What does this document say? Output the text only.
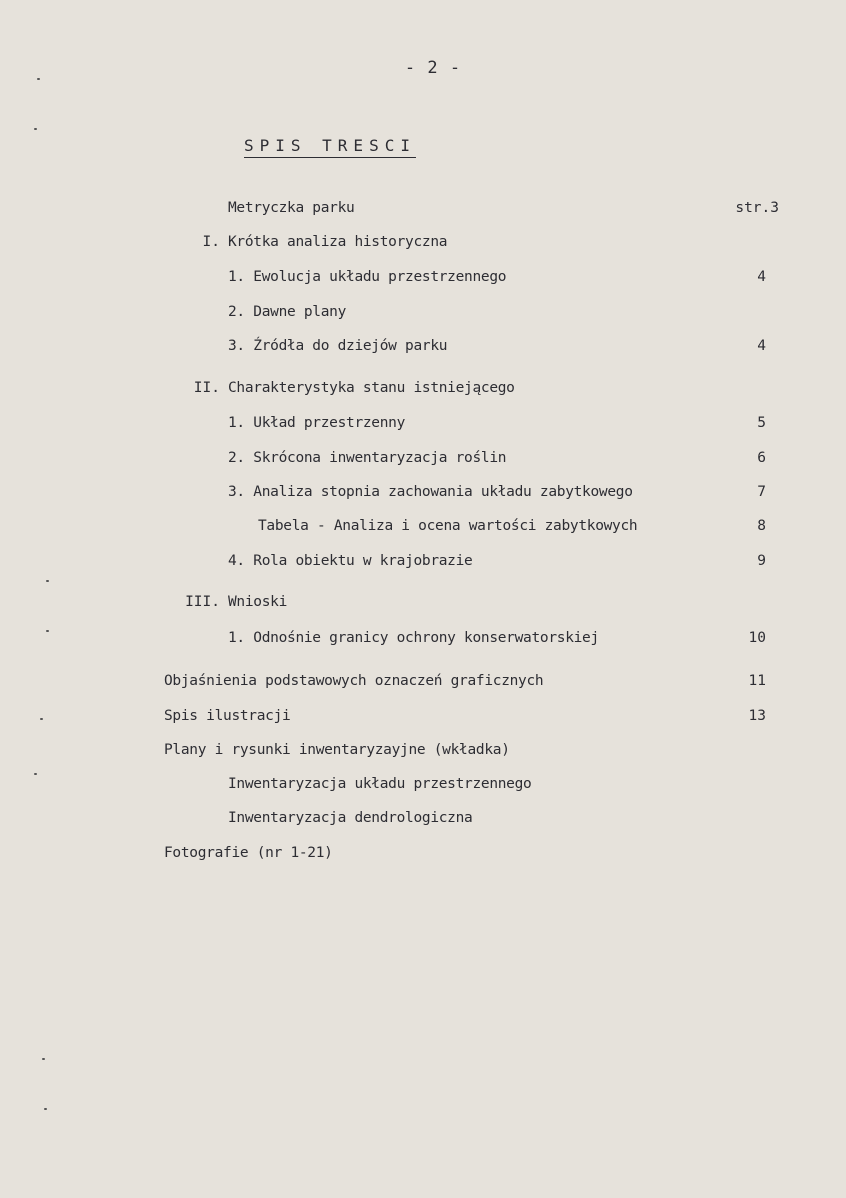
- 2 -
SPIS TRESCI
Metryczka parku	str.3
I. Krótka analiza historyczna
1. Ewolucja układu przestrzennego	4
2. Dawne plany
3. Źródła do dziejów parku	4
II. Charakterystyka stanu istniejącego
1. Układ przestrzenny	5
2. Skrócona inwentaryzacja roślin	6
3. Analiza stopnia zachowania układu zabytkowego	7
Tabela - Analiza i ocena wartości zabytkowych	8
4. Rola obiektu w krajobrazie	9
III. Wnioski
1. Odnośnie granicy ochrony konserwatorskiej	10
Objaśnienia podstawowych oznaczeń graficznych	11
Spis ilustracji	13
Plany i rysunki inwentaryzayjne (wkładka)
Inwentaryzacja układu przestrzennego
Inwentaryzacja dendrologiczna
Fotografie (nr 1-21)
